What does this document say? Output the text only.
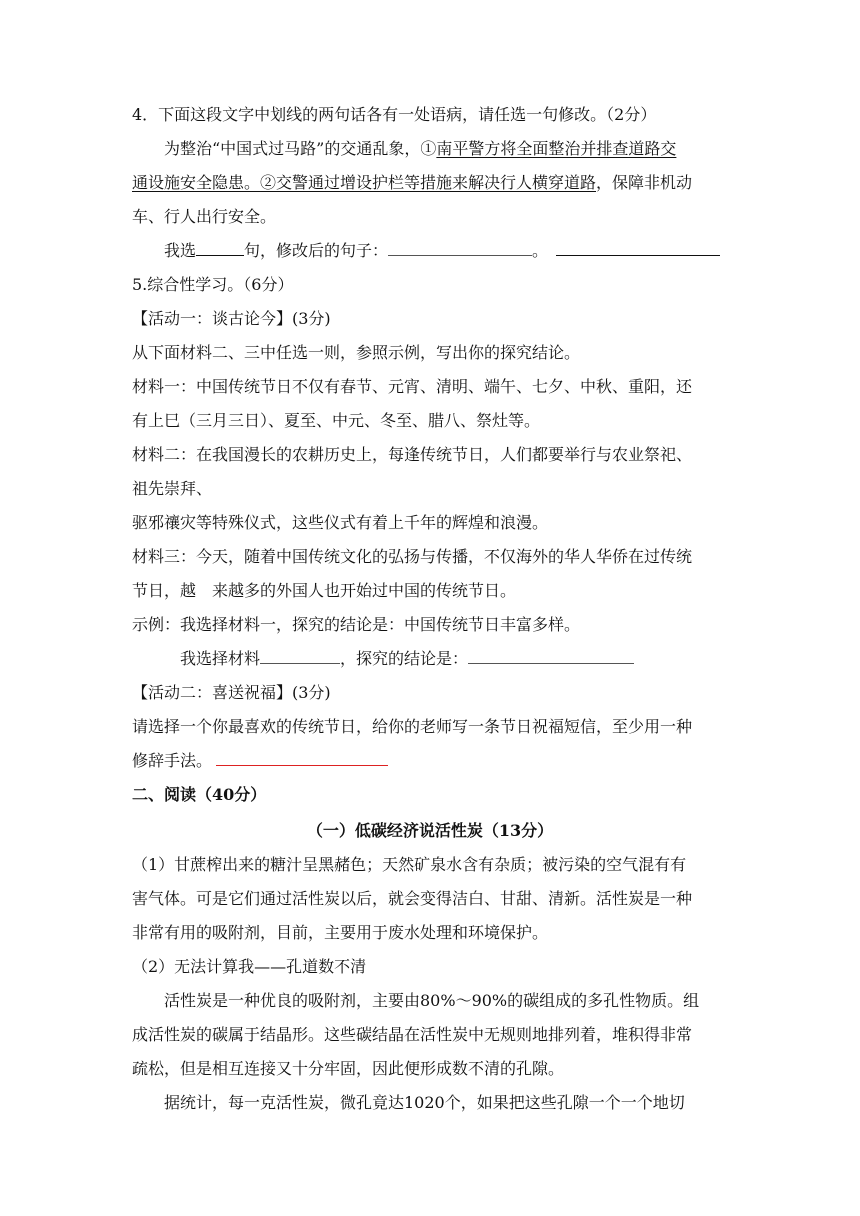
4．下面这段文字中划线的两句话各有一处语病，请任选一句修改。（2分）
为整治“中国式过马路”的交通乱象，①南平警方将全面整治并排查道路交
通设施安全隐患。②交警通过增设护栏等措施来解决行人横穿道路，保障非机动
车、行人出行安全。
我选	句，修改后的句子：	。
5.综合性学习。（6分）
【活动一：谈古论今】(3分)
从下面材料二、三中任选一则，参照示例，写出你的探究结论。
材料一：中国传统节日不仅有春节、元宵、清明、端午、七夕、中秋、重阳，还
有上巳（三月三日）、夏至、中元、冬至、腊八、祭灶等。
材料二：在我国漫长的农耕历史上，每逢传统节日，人们都要举行与农业祭祀、
祖先崇拜、
驱邪禳灾等特殊仪式，这些仪式有着上千年的辉煌和浪漫。
材料三：今天，随着中国传统文化的弘扬与传播，不仅海外的华人华侨在过传统
节日，越　来越多的外国人也开始过中国的传统节日。
示例：我选择材料一，探究的结论是：中国传统节日丰富多样。
我选择材料	，探究的结论是：
【活动二：喜送祝福】(3分)
请选择一个你最喜欢的传统节日，给你的老师写一条节日祝福短信，至少用一种
修辞手法。
二、阅读（40分）
（一）低碳经济说活性炭（13分）
（1）甘蔗榨出来的糖汁呈黑赭色；天然矿泉水含有杂质；被污染的空气混有有
害气体。可是它们通过活性炭以后，就会变得洁白、甘甜、清新。活性炭是一种
非常有用的吸附剂，目前，主要用于废水处理和环境保护。
（2）无法计算我——孔道数不清
活性炭是一种优良的吸附剂，主要由80%～90%的碳组成的多孔性物质。组
成活性炭的碳属于结晶形。这些碳结晶在活性炭中无规则地排列着，堆积得非常
疏松，但是相互连接又十分牢固，因此便形成数不清的孔隙。
据统计，每一克活性炭，微孔竟达1020个，如果把这些孔隙一个一个地切
